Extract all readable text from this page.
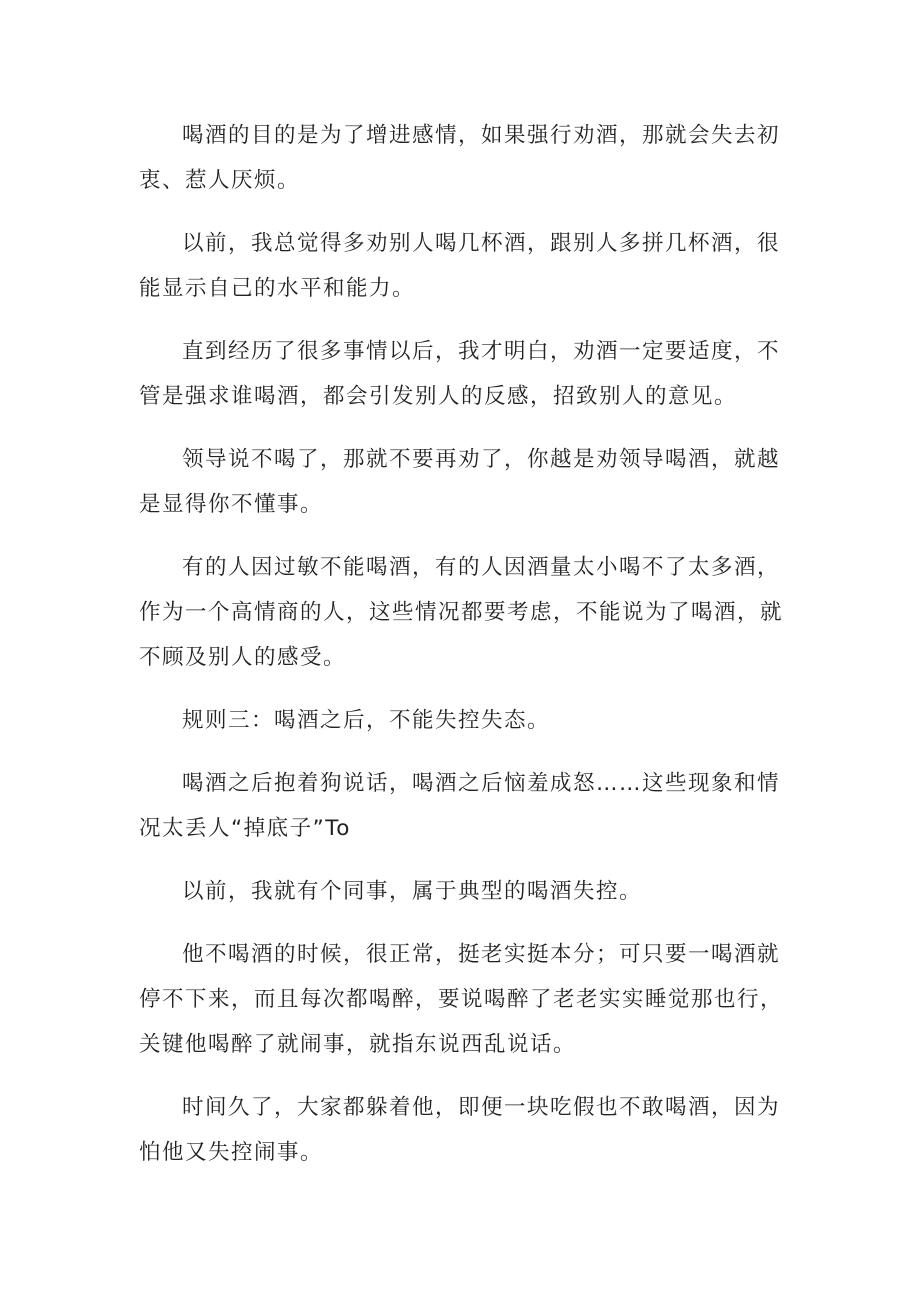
喝酒的目的是为了增进感情，如果强行劝酒，那就会失去初衷、惹人厌烦。

以前，我总觉得多劝别人喝几杯酒，跟别人多拼几杯酒，很能显示自己的水平和能力。

直到经历了很多事情以后，我才明白，劝酒一定要适度，不管是强求谁喝酒，都会引发别人的反感，招致别人的意见。

领导说不喝了，那就不要再劝了，你越是劝领导喝酒，就越是显得你不懂事。

有的人因过敏不能喝酒，有的人因酒量太小喝不了太多酒，作为一个高情商的人，这些情况都要考虑，不能说为了喝酒，就不顾及别人的感受。

规则三：喝酒之后，不能失控失态。

喝酒之后抱着狗说话，喝酒之后恼羞成怒……这些现象和情况太丢人“掉底子”To

以前，我就有个同事，属于典型的喝酒失控。

他不喝酒的时候，很正常，挺老实挺本分；可只要一喝酒就停不下来，而且每次都喝醉，要说喝醉了老老实实睡觉那也行，关键他喝醉了就闹事，就指东说西乱说话。

时间久了，大家都躲着他，即便一块吃假也不敢喝酒，因为怕他又失控闹事。
